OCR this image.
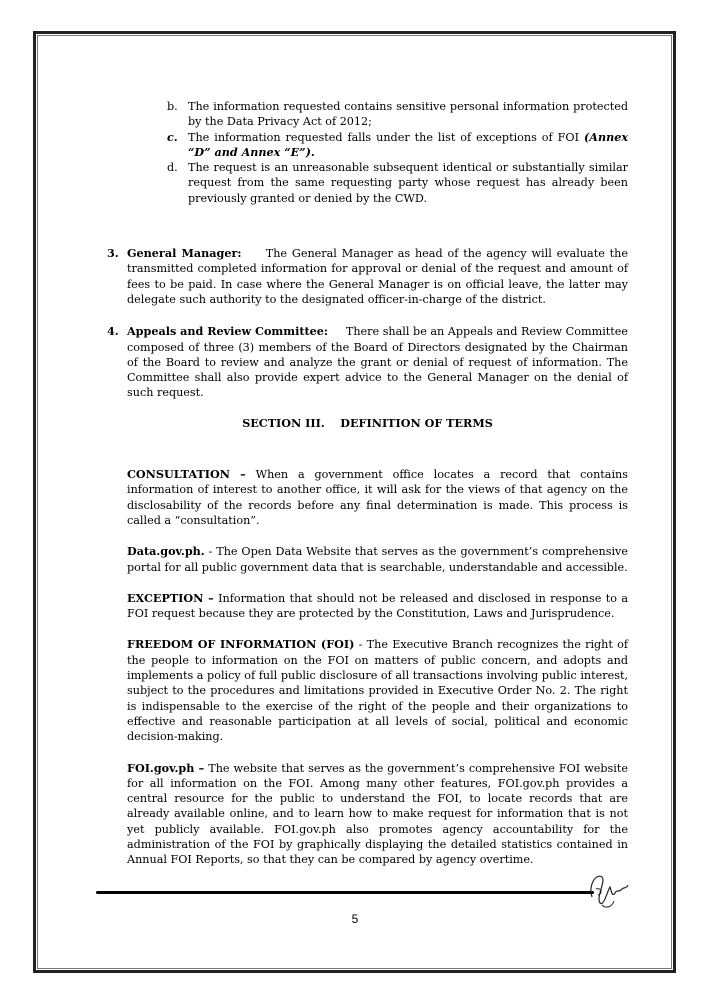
b. The information requested contains sensitive personal information protected by the Data Privacy Act of 2012;
c. The information requested falls under the list of exceptions of FOI (Annex “D” and Annex “E”).
d. The request is an unreasonable subsequent identical or substantially similar request from the same requesting party whose request has already been previously granted or denied by the CWD.
3. General Manager: The General Manager as head of the agency will evaluate the transmitted completed information for approval or denial of the request and amount of fees to be paid. In case where the General Manager is on official leave, the latter may delegate such authority to the designated officer-in-charge of the district.
4. Appeals and Review Committee: There shall be an Appeals and Review Committee composed of three (3) members of the Board of Directors designated by the Chairman of the Board to review and analyze the grant or denial of request of information. The Committee shall also provide expert advice to the General Manager on the denial of such request.
SECTION III.    DEFINITION OF TERMS

CONSULTATION – When a government office locates a record that contains information of interest to another office, it will ask for the views of that agency on the disclosability of the records before any final determination is made. This process is called a “consultation”.

Data.gov.ph. - The Open Data Website that serves as the government’s comprehensive portal for all public government data that is searchable, understandable and accessible.

EXCEPTION – Information that should not be released and disclosed in response to a FOI request because they are protected by the Constitution, Laws and Jurisprudence.

FREEDOM OF INFORMATION (FOI) - The Executive Branch recognizes the right of the people to information on the FOI on matters of public concern, and adopts and implements a policy of full public disclosure of all transactions involving public interest, subject to the procedures and limitations provided in Executive Order No. 2. The right is indispensable to the exercise of the right of the people and their organizations to effective and reasonable participation at all levels of social, political and economic decision-making.

FOI.gov.ph – The website that serves as the government’s comprehensive FOI website for all information on the FOI. Among many other features, FOI.gov.ph provides a central resource for the public to understand the FOI, to locate records that are already available online, and to learn how to make request for information that is not yet publicly available. FOI.gov.ph also promotes agency accountability for the administration of the FOI by graphically displaying the detailed statistics contained in Annual FOI Reports, so that they can be compared by agency overtime.

5
